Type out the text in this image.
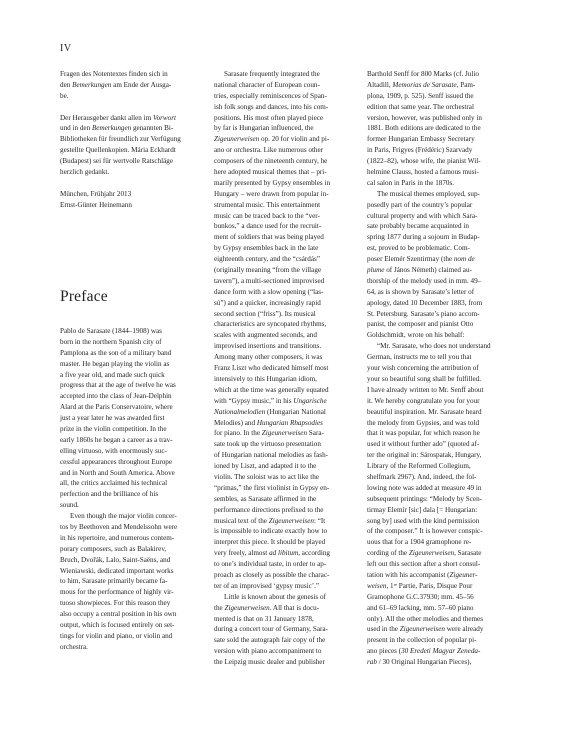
IV
Fragen des Notentextes finden sich in
den Bemerkungen am Ende der Ausga-
be.
Der Herausgeber dankt allen im Vorwort
und in den Bemerkungen genannten Bi-
Bibliotheken für freundlich zur Verfügung
gestellte Quellenkopien. Mária Eckhardt
(Budapest) sei für wertvolle Ratschläge
herzlich gedankt.
München, Frühjahr 2013
Ernst-Günter Heinemann
Preface
Pablo de Sarasate (1844–1908) was
born in the northern Spanish city of
Pamplona as the son of a military band
master. He began playing the violin as
a five year old, and made such quick
progress that at the age of twelve he was
accepted into the class of Jean-Delphin
Alard at the Paris Conservatoire, where
just a year later he was awarded first
prize in the violin competition. In the
early 1860s he began a career as a trav-
elling virtuoso, with enormously suc-
cessful appearances throughout Europe
and in North and South America. Above
all, the critics acclaimed his technical
perfection and the brilliance of his
sound.
Even though the major violin concer-
tos by Beethoven and Mendelssohn were
in his repertoire, and numerous contem-
porary composers, such as Balakirev,
Bruch, Dvořák, Lalo, Saint-Saëns, and
Wieniawski, dedicated important works
to him, Sarasate primarily became fa-
mous for the performance of highly vir-
tuoso showpieces. For this reason they
also occupy a central position in his own
output, which is focused entirely on set-
tings for violin and piano, or violin and
orchestra.
Sarasate frequently integrated the
national character of European coun-
tries, especially reminiscences of Span-
ish folk songs and dances, into his com-
positions. His most often played piece
by far is Hungarian influenced, the
Zigeunerweisen op. 20 for violin and pi-
ano or orchestra. Like numerous other
composers of the nineteenth century, he
here adopted musical themes that – pri-
marily presented by Gypsy ensembles in
Hungary – were drawn from popular in-
strumental music. This entertainment
music can be traced back to the “ver-
bunkos,” a dance used for the recruit-
ment of soldiers that was being played
by Gypsy ensembles back in the late
eighteenth century, and the “csárdás”
(originally meaning “from the village
tavern”), a multi-sectioned improvised
dance form with a slow opening (“las-
sú”) and a quicker, increasingly rapid
second section (“friss”). Its musical
characteristics are syncopated rhythms,
scales with augmented seconds, and
improvised insertions and transitions.
Among many other composers, it was
Franz Liszt who dedicated himself most
intensively to this Hungarian idiom,
which at the time was generally equated
with “Gypsy music,” in his Ungarische
Nationalmelodien (Hungarian National
Melodies) and Hungarian Rhapsodies
for piano. In the Zigeunerweisen Sara-
sate took up the virtuoso presentation
of Hungarian national melodies as fash-
ioned by Liszt, and adapted it to the
violin. The soloist was to act like the
“primas,” the first violinist in Gypsy en-
sembles, as Sarasate affirmed in the
performance directions prefixed to the
musical text of the Zigeunerweisen: “It
is impossible to indicate exactly how to
interpret this piece. It should be played
very freely, almost ad libitum, according
to one’s individual taste, in order to ap-
proach as closely as possible the charac-
ter of an improvised ‘gypsy music’.”
Little is known about the genesis of
the Zigeunerweisen. All that is docu-
mented is that on 31 January 1878,
during a concert tour of Germany, Sara-
sate sold the autograph fair copy of the
version with piano accompaniment to
the Leipzig music dealer and publisher
Barthold Senff for 800 Marks (cf. Julio
Altadill, Memorias de Sarasate, Pam-
plona, 1909, p. 525). Senff issued the
edition that same year. The orchestral
version, however, was published only in
1881. Both editions are dedicated to the
former Hungarian Embassy Secretary
in Paris, Frigyes (Frédéric) Szarvady
(1822–82), whose wife, the pianist Wil-
helmine Clauss, hosted a famous musi-
cal salon in Paris in the 1870s.
The musical themes employed, sup-
posedly part of the country’s popular
cultural property and with which Sara-
sate probably became acquainted in
spring 1877 during a sojourn in Budap-
est, proved to be problematic. Com-
poser Elemér Szentirmay (the nom de
plume of János Németh) claimed au-
thorship of the melody used in mm. 49–
64, as is shown by Sarasate’s letter of
apology, dated 10 December 1883, from
St. Petersburg. Sarasate’s piano accom-
panist, the composer and pianist Otto
Goldschmidt, wrote on his behalf:
“Mr. Sarasate, who does not understand
German, instructs me to tell you that
your wish concerning the attribution of
your so beautiful song shall be fulfilled.
I have already written to Mr. Senff about
it. We hereby congratulate you for your
beautiful inspiration. Mr. Sarasate heard
the melody from Gypsies, and was told
that it was popular, for which reason he
used it without further ado” (quoted af-
ter the original in: Sárospatak, Hungary,
Library of the Reformed Collegium,
shelfmark 2967). And, indeed, the fol-
lowing note was added at measure 49 in
subsequent printings: “Melody by Scen-
tirmay Elemír [sic] dala [= Hungarian:
song by] used with the kind permission
of the composer.” It is however conspic-
uous that for a 1904 gramophone re-
cording of the Zigeunerweisen, Sarasate
left out this section after a short consul-
tation with his accompanist (Zigeuner-
weisen, 1ʳᵉ Partie, Paris, Disque Pour
Gramophone G.C.37930; mm. 45–56
and 61–69 lacking, mm. 57–60 piano
only). All the other melodies and themes
used in the Zigeunerweisen were already
present in the collection of popular pi-
ano pieces (30 Eredeti Magyar Zeneda-
rab / 30 Original Hungarian Pieces),
